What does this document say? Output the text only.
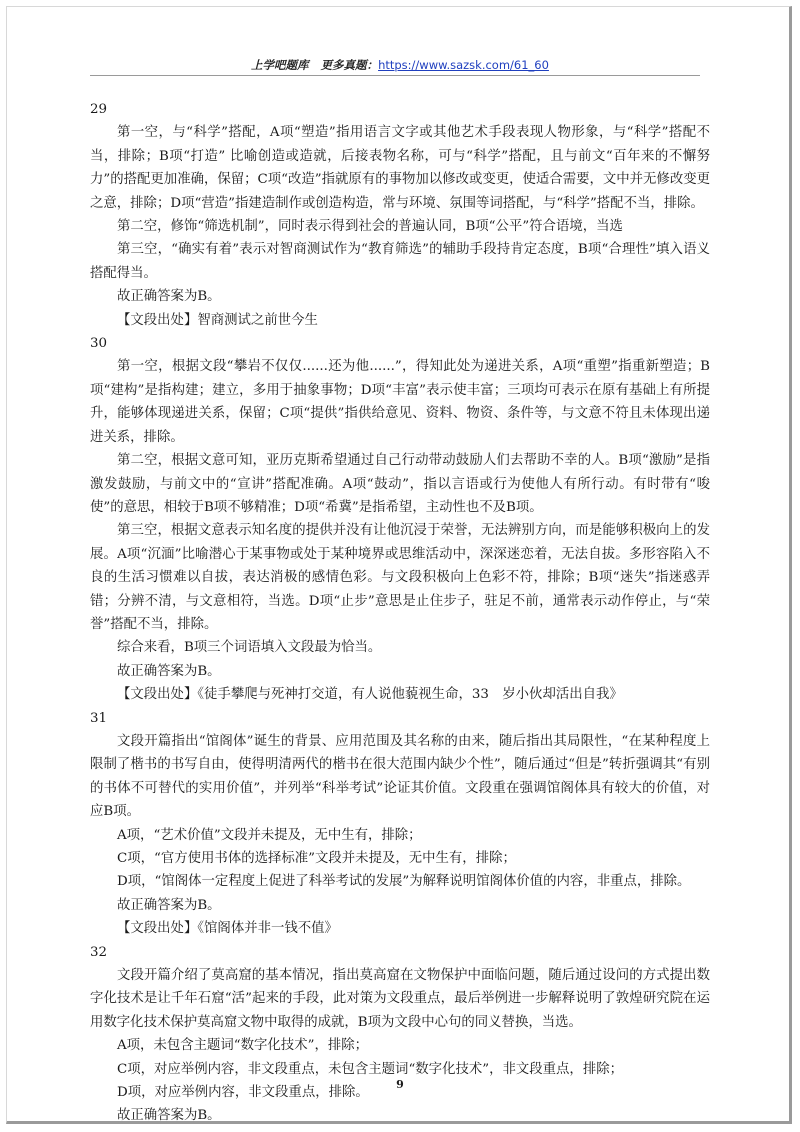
上学吧题库 更多真题：https://www.sazsk.com/61_60

29

第一空，与“科学”搭配，A项“塑造”指用语言文字或其他艺术手段表现人物形象，与“科学”搭配不当，排除；B项“打造” 比喻创造或造就，后接表物名称，可与“科学”搭配，且与前文“百年来的不懈努力”的搭配更加准确，保留；C项“改造”指就原有的事物加以修改或变更，使适合需要，文中并无修改变更之意，排除；D项“营造”指建造制作或创造构造，常与环境、氛围等词搭配，与“科学”搭配不当，排除。

第二空，修饰“筛选机制”，同时表示得到社会的普遍认同，B项“公平”符合语境，当选

第三空，“确实有着”表示对智商测试作为“教育筛选”的辅助手段持肯定态度，B项“合理性”填入语义搭配得当。

故正确答案为B。

【文段出处】智商测试之前世今生

30

第一空，根据文段“攀岩不仅仅......还为他......”，得知此处为递进关系，A项“重塑”指重新塑造；B项“建构”是指构建；建立，多用于抽象事物；D项“丰富”表示使丰富；三项均可表示在原有基础上有所提升，能够体现递进关系，保留；C项“提供”指供给意见、资料、物资、条件等，与文意不符且未体现出递进关系，排除。

第二空，根据文意可知，亚历克斯希望通过自己行动带动鼓励人们去帮助不幸的人。B项“激励”是指激发鼓励，与前文中的“宣讲”搭配准确。A项“鼓动”，指以言语或行为使他人有所行动。有时带有“唆使”的意思，相较于B项不够精准；D项“希冀”是指希望，主动性也不及B项。

第三空，根据文意表示知名度的提供并没有让他沉浸于荣誉，无法辨别方向，而是能够积极向上的发展。A项“沉湎”比喻潜心于某事物或处于某种境界或思维活动中，深深迷恋着，无法自拔。多形容陷入不良的生活习惯难以自拔，表达消极的感情色彩。与文段积极向上色彩不符，排除；B项“迷失”指迷惑弄错；分辨不清，与文意相符，当选。D项“止步”意思是止住步子，驻足不前，通常表示动作停止，与“荣誉”搭配不当，排除。

综合来看，B项三个词语填入文段最为恰当。

故正确答案为B。

【文段出处】《徒手攀爬与死神打交道，有人说他藐视生命，33　岁小伙却活出自我》

31

文段开篇指出“馆阁体”诞生的背景、应用范围及其名称的由来，随后指出其局限性，“在某种程度上限制了楷书的书写自由，使得明清两代的楷书在很大范围内缺少个性”，随后通过“但是”转折强调其“有别的书体不可替代的实用价值”，并列举“科举考试”论证其价值。文段重在强调馆阁体具有较大的价值，对应B项。

A项，“艺术价值”文段并未提及，无中生有，排除；

C项，“官方使用书体的选择标准”文段并未提及，无中生有，排除；

D项，“馆阁体一定程度上促进了科举考试的发展”为解释说明馆阁体价值的内容，非重点，排除。

故正确答案为B。

【文段出处】《馆阁体并非一钱不值》

32

文段开篇介绍了莫高窟的基本情况，指出莫高窟在文物保护中面临问题，随后通过设问的方式提出数字化技术是让千年石窟“活”起来的手段，此对策为文段重点，最后举例进一步解释说明了敦煌研究院在运用数字化技术保护莫高窟文物中取得的成就，B项为文段中心句的同义替换，当选。

A项，未包含主题词“数字化技术”，排除；

C项，对应举例内容，非文段重点，未包含主题词“数字化技术”，非文段重点，排除；

D项，对应举例内容，非文段重点，排除。

故正确答案为B。

9
